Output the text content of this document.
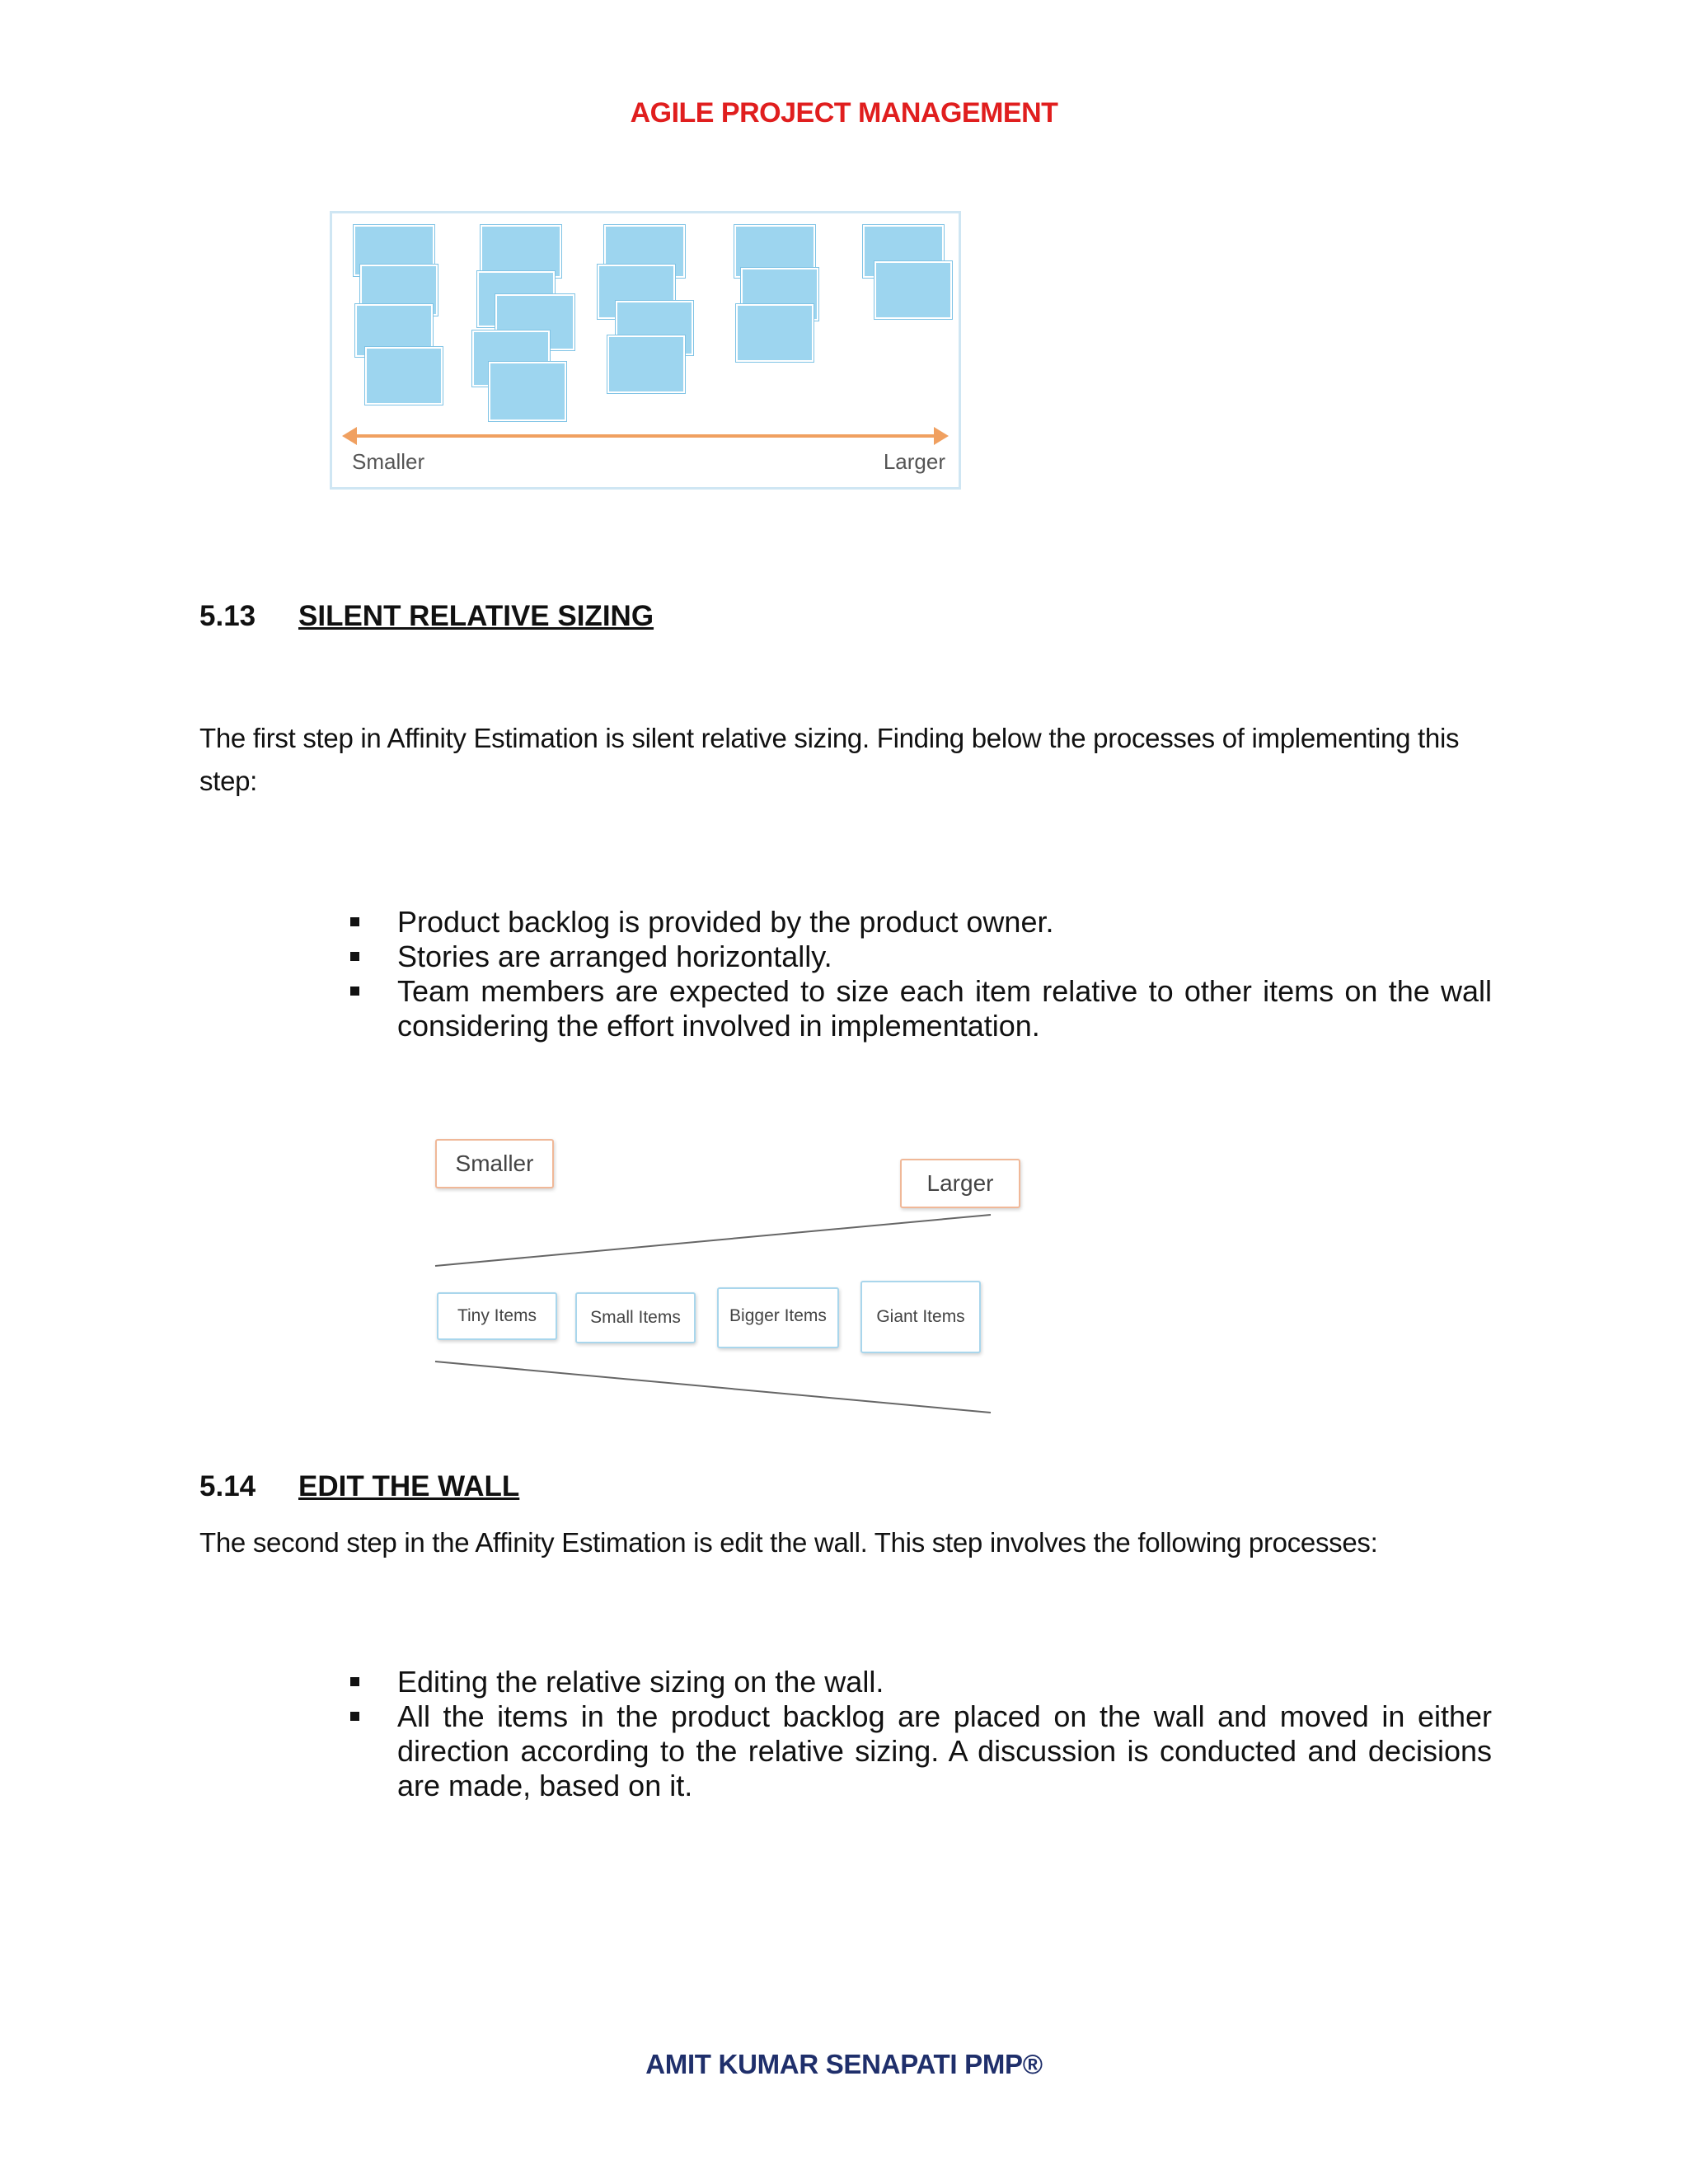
AGILE PROJECT MANAGEMENT
Smaller	Larger
5.13 SILENT RELATIVE SIZING
The first step in Affinity Estimation is silent relative sizing. Finding below the processes of implementing this step:
Product backlog is provided by the product owner.
Stories are arranged horizontally.
Team members are expected to size each item relative to other items on the wall considering the effort involved in implementation.
Smaller
Larger
Tiny Items	Small Items	Bigger Items	Giant Items
5.14 EDIT THE WALL
The second step in the Affinity Estimation is edit the wall. This step involves the following processes:
Editing the relative sizing on the wall.
All the items in the product backlog are placed on the wall and moved in either direction according to the relative sizing. A discussion is conducted and decisions are made, based on it.
AMIT KUMAR SENAPATI PMP®
